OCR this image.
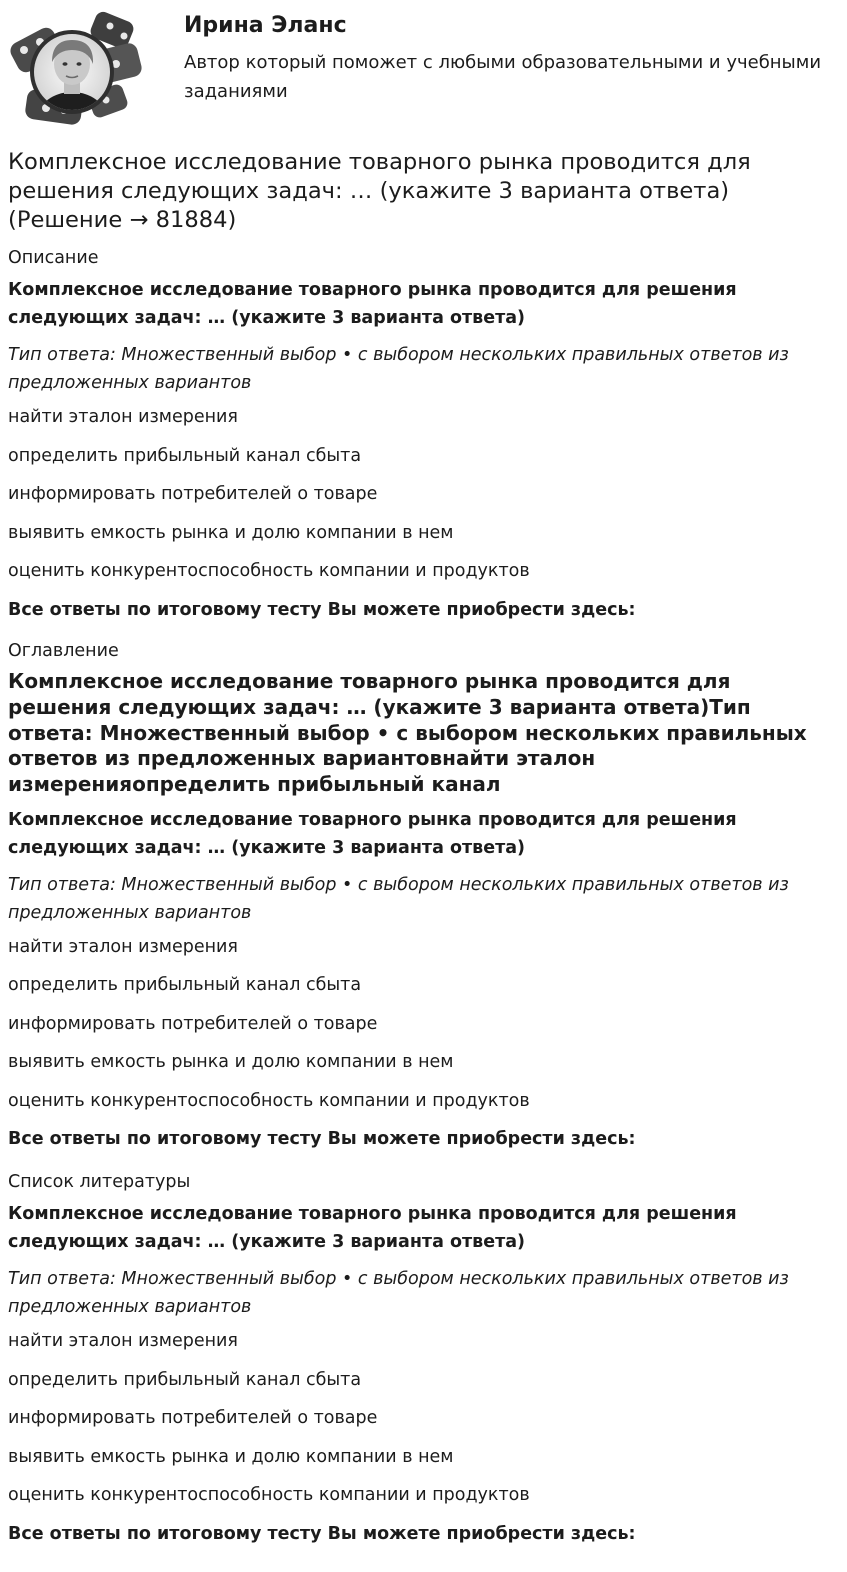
Ирина Эланс
Автор который поможет с любыми образовательными и учебными заданиями
Комплексное исследование товарного рынка проводится для решения следующих задач: … (укажите 3 варианта ответа) (Решение → 81884)
Описание
Комплексное исследование товарного рынка проводится для решения следующих задач: … (укажите 3 варианта ответа)
Тип ответа: Множественный выбор • с выбором нескольких правильных ответов из предложенных вариантов
найти эталон измерения
определить прибыльный канал сбыта
информировать потребителей о товаре
выявить емкость рынка и долю компании в нем
оценить конкурентоспособность компании и продуктов
Все ответы по итоговому тесту Вы можете приобрести здесь:
Оглавление
Комплексное исследование товарного рынка проводится для решения следующих задач: … (укажите 3 варианта ответа)Тип ответа: Множественный выбор • с выбором нескольких правильных ответов из предложенных вариантовнайти эталон измеренияопределить прибыльный канал
Комплексное исследование товарного рынка проводится для решения следующих задач: … (укажите 3 варианта ответа)
Тип ответа: Множественный выбор • с выбором нескольких правильных ответов из предложенных вариантов
найти эталон измерения
определить прибыльный канал сбыта
информировать потребителей о товаре
выявить емкость рынка и долю компании в нем
оценить конкурентоспособность компании и продуктов
Все ответы по итоговому тесту Вы можете приобрести здесь:
Список литературы
Комплексное исследование товарного рынка проводится для решения следующих задач: … (укажите 3 варианта ответа)
Тип ответа: Множественный выбор • с выбором нескольких правильных ответов из предложенных вариантов
найти эталон измерения
определить прибыльный канал сбыта
информировать потребителей о товаре
выявить емкость рынка и долю компании в нем
оценить конкурентоспособность компании и продуктов
Все ответы по итоговому тесту Вы можете приобрести здесь:
